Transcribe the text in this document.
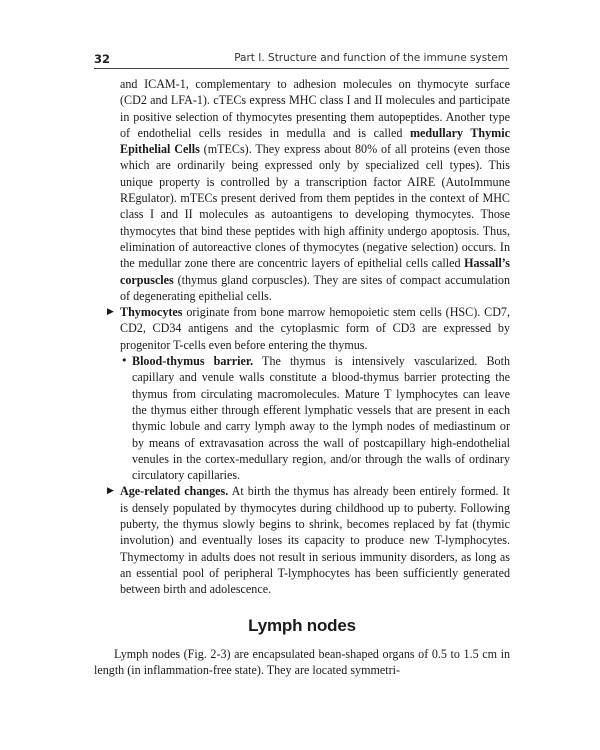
32	Part I. Structure and function of the immune system

and ICAM-1, complementary to adhesion molecules on thymocyte surface (CD2 and LFA-1). cTECs express MHC class I and II molecules and participate in positive selection of thymocytes presenting them autopeptides. Another type of endothelial cells resides in medulla and is called medullary Thymic Epithelial Cells (mTECs). They express about 80% of all proteins (even those which are ordinarily being expressed only by specialized cell types). This unique property is controlled by a transcription factor AIRE (AutoImmune REgulator). mTECs present derived from them peptides in the context of MHC class I and II molecules as autoantigens to developing thymocytes. Those thymocytes that bind these peptides with high affinity undergo apoptosis. Thus, elimination of autoreactive clones of thymocytes (negative selection) occurs. In the medullar zone there are concentric layers of epithelial cells called Hassall’s corpuscles (thymus gland corpuscles). They are sites of compact accumulation of degenerating epithelial cells.

▶ Thymocytes originate from bone marrow hemopoietic stem cells (HSC). CD7, CD2, CD34 antigens and the cytoplasmic form of CD3 are expressed by progenitor T-cells even before entering the thymus.

• Blood-thymus barrier. The thymus is intensively vascularized. Both capillary and venule walls constitute a blood-thymus barrier protecting the thymus from circulating macromolecules. Mature T lymphocytes can leave the thymus either through efferent lymphatic vessels that are present in each thymic lobule and carry lymph away to the lymph nodes of mediastinum or by means of extravasation across the wall of postcapillary high-endothelial venules in the cortex-medullary region, and/or through the walls of ordinary circulatory capillaries.

▶ Age-related changes. At birth the thymus has already been entirely formed. It is densely populated by thymocytes during childhood up to puberty. Following puberty, the thymus slowly begins to shrink, becomes replaced by fat (thymic involution) and eventually loses its capacity to produce new T-lymphocytes. Thymectomy in adults does not result in serious immunity disorders, as long as an essential pool of peripheral T-lymphocytes has been sufficiently generated between birth and adolescence.

Lymph nodes

Lymph nodes (Fig. 2-3) are encapsulated bean-shaped organs of 0.5 to 1.5 cm in length (in inflammation-free state). They are located symmetri-
